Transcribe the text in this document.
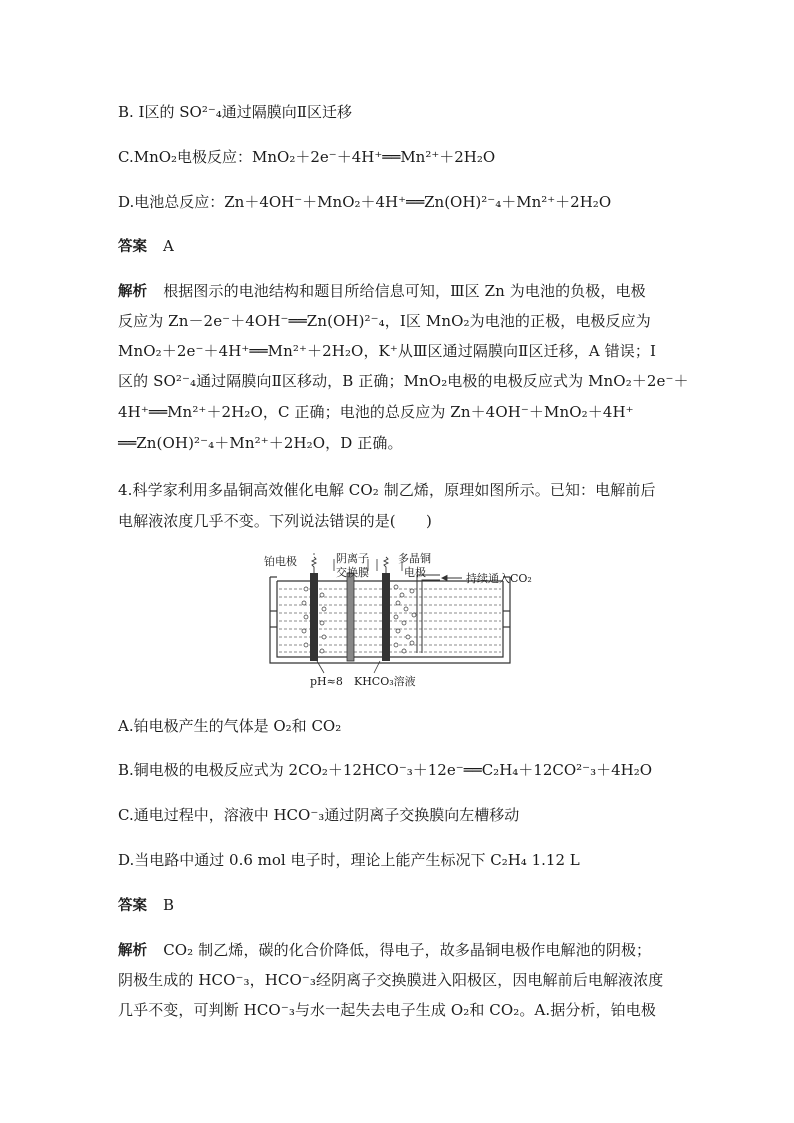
B. Ⅰ区的 SO²⁻₄通过隔膜向Ⅱ区迁移
C.MnO₂电极反应：MnO₂＋2e⁻＋4H⁺══Mn²⁺＋2H₂O
D.电池总反应：Zn＋4OH⁻＋MnO₂＋4H⁺══Zn(OH)²⁻₄＋Mn²⁺＋2H₂O
答案 A
解析 根据图示的电池结构和题目所给信息可知，Ⅲ区 Zn 为电池的负极，电极
反应为 Zn－2e⁻＋4OH⁻══Zn(OH)²⁻₄，Ⅰ区 MnO₂为电池的正极，电极反应为
MnO₂＋2e⁻＋4H⁺══Mn²⁺＋2H₂O，K⁺从Ⅲ区通过隔膜向Ⅱ区迁移，A 错误；Ⅰ
区的 SO²⁻₄通过隔膜向Ⅱ区移动，B 正确；MnO₂电极的电极反应式为 MnO₂＋2e⁻＋
4H⁺══Mn²⁺＋2H₂O，C 正确；电池的总反应为 Zn＋4OH⁻＋MnO₂＋4H⁺
══Zn(OH)²⁻₄＋Mn²⁺＋2H₂O，D 正确。
4.科学家利用多晶铜高效催化电解 CO₂ 制乙烯，原理如图所示。已知：电解前后
电解液浓度几乎不变。下列说法错误的是(　　)
铂电极	阴离子
交换膜
多晶铜
电极	持续通入CO₂
pH≈8 KHCO₃溶液
A.铂电极产生的气体是 O₂和 CO₂
B.铜电极的电极反应式为 2CO₂＋12HCO⁻₃＋12e⁻══C₂H₄＋12CO²⁻₃＋4H₂O
C.通电过程中，溶液中 HCO⁻₃通过阴离子交换膜向左槽移动
D.当电路中通过 0.6 mol 电子时，理论上能产生标况下 C₂H₄ 1.12 L
答案 B
解析 CO₂ 制乙烯，碳的化合价降低，得电子，故多晶铜电极作电解池的阴极；
阴极生成的 HCO⁻₃，HCO⁻₃经阴离子交换膜进入阳极区，因电解前后电解液浓度
几乎不变，可判断 HCO⁻₃与水一起失去电子生成 O₂和 CO₂。A.据分析，铂电极
